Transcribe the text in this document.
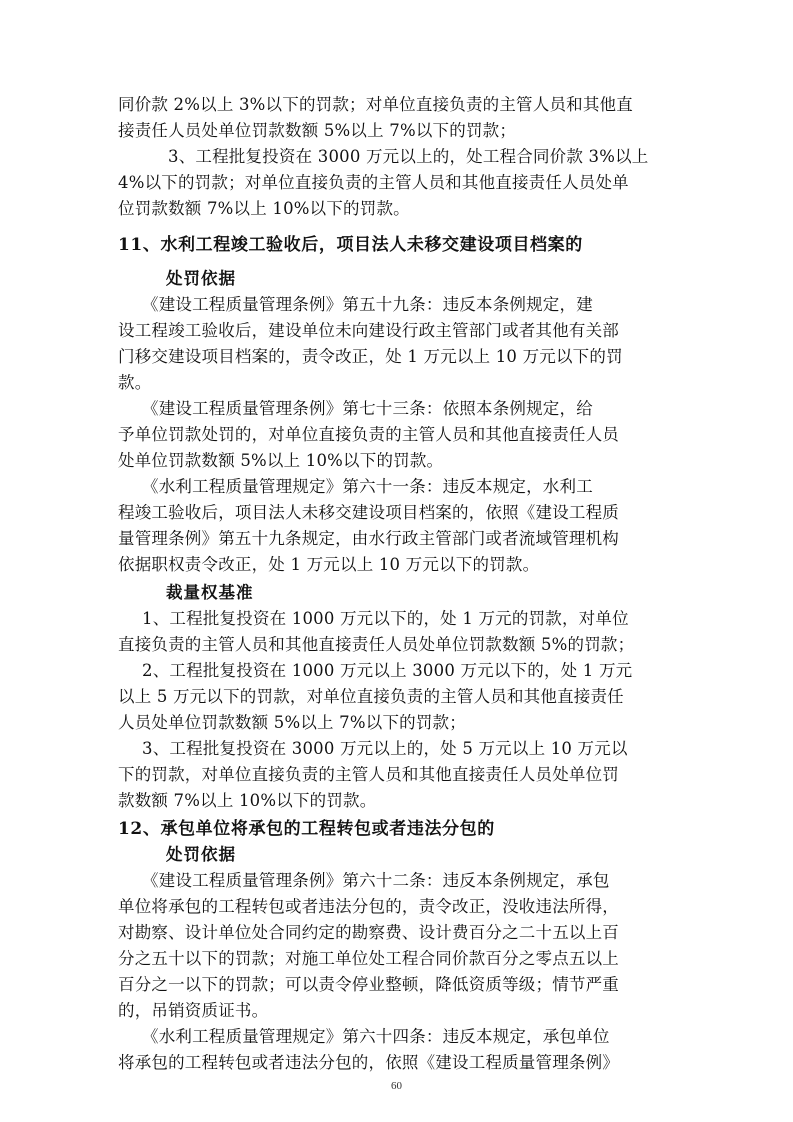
同价款 2%以上 3%以下的罚款；对单位直接负责的主管人员和其他直
接责任人员处单位罚款数额 5%以上 7%以下的罚款；
3、工程批复投资在 3000 万元以上的，处工程合同价款 3%以上
4%以下的罚款；对单位直接负责的主管人员和其他直接责任人员处单
位罚款数额 7%以上 10%以下的罚款。
11、水利工程竣工验收后，项目法人未移交建设项目档案的
处罚依据
《建设工程质量管理条例》第五十九条：违反本条例规定，建
设工程竣工验收后，建设单位未向建设行政主管部门或者其他有关部
门移交建设项目档案的，责令改正，处 1 万元以上 10 万元以下的罚
款。
《建设工程质量管理条例》第七十三条：依照本条例规定，给
予单位罚款处罚的，对单位直接负责的主管人员和其他直接责任人员
处单位罚款数额 5%以上 10%以下的罚款。
《水利工程质量管理规定》第六十一条：违反本规定，水利工
程竣工验收后，项目法人未移交建设项目档案的，依照《建设工程质
量管理条例》第五十九条规定，由水行政主管部门或者流域管理机构
依据职权责令改正，处 1 万元以上 10 万元以下的罚款。
裁量权基准
1、工程批复投资在 1000 万元以下的，处 1 万元的罚款，对单位
直接负责的主管人员和其他直接责任人员处单位罚款数额 5%的罚款；
2、工程批复投资在 1000 万元以上 3000 万元以下的，处 1 万元
以上 5 万元以下的罚款，对单位直接负责的主管人员和其他直接责任
人员处单位罚款数额 5%以上 7%以下的罚款；
3、工程批复投资在 3000 万元以上的，处 5 万元以上 10 万元以
下的罚款，对单位直接负责的主管人员和其他直接责任人员处单位罚
款数额 7%以上 10%以下的罚款。
12、承包单位将承包的工程转包或者违法分包的
处罚依据
《建设工程质量管理条例》第六十二条：违反本条例规定，承包
单位将承包的工程转包或者违法分包的，责令改正，没收违法所得，
对勘察、设计单位处合同约定的勘察费、设计费百分之二十五以上百
分之五十以下的罚款；对施工单位处工程合同价款百分之零点五以上
百分之一以下的罚款；可以责令停业整顿，降低资质等级；情节严重
的，吊销资质证书。
《水利工程质量管理规定》第六十四条：违反本规定，承包单位
将承包的工程转包或者违法分包的，依照《建设工程质量管理条例》
60
